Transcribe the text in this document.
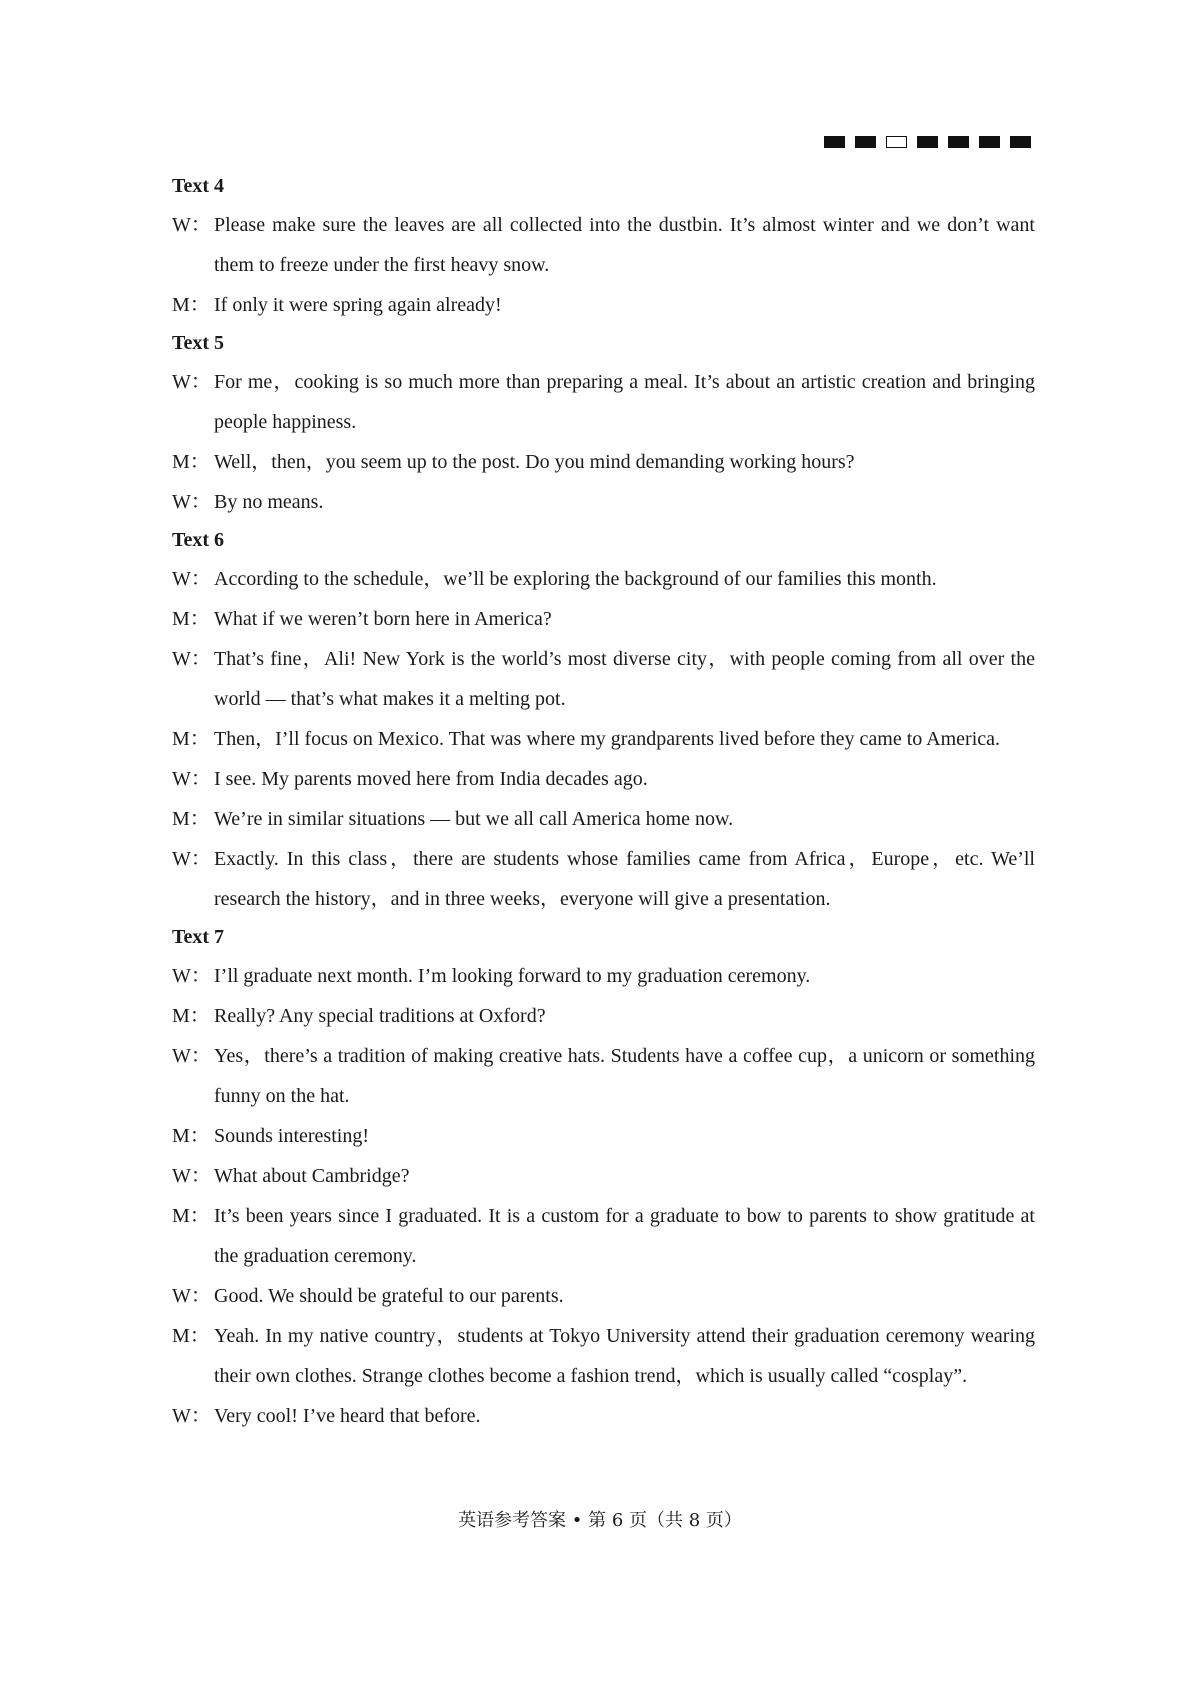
Text 4

W： Please make sure the leaves are all collected into the dustbin. It’s almost winter and we don’t want them to freeze under the first heavy snow.

M： If only it were spring again already!

Text 5

W： For me，cooking is so much more than preparing a meal. It’s about an artistic creation and bringing people happiness.

M： Well，then，you seem up to the post. Do you mind demanding working hours?

W： By no means.

Text 6

W： According to the schedule，we’ll be exploring the background of our families this month.

M： What if we weren’t born here in America?

W： That’s fine，Ali! New York is the world’s most diverse city，with people coming from all over the world — that’s what makes it a melting pot.

M： Then，I’ll focus on Mexico. That was where my grandparents lived before they came to America.

W： I see. My parents moved here from India decades ago.

M： We’re in similar situations — but we all call America home now.

W： Exactly. In this class，there are students whose families came from Africa，Europe，etc. We’ll research the history，and in three weeks，everyone will give a presentation.

Text 7

W： I’ll graduate next month. I’m looking forward to my graduation ceremony.

M： Really? Any special traditions at Oxford?

W： Yes，there’s a tradition of making creative hats. Students have a coffee cup，a unicorn or something funny on the hat.

M： Sounds interesting!

W： What about Cambridge?

M： It’s been years since I graduated. It is a custom for a graduate to bow to parents to show gratitude at the graduation ceremony.

W： Good. We should be grateful to our parents.

M： Yeah. In my native country，students at Tokyo University attend their graduation ceremony wearing their own clothes. Strange clothes become a fashion trend，which is usually called “cosplay”.

W： Very cool! I’ve heard that before.

英语参考答案 • 第 6 页（共 8 页）
